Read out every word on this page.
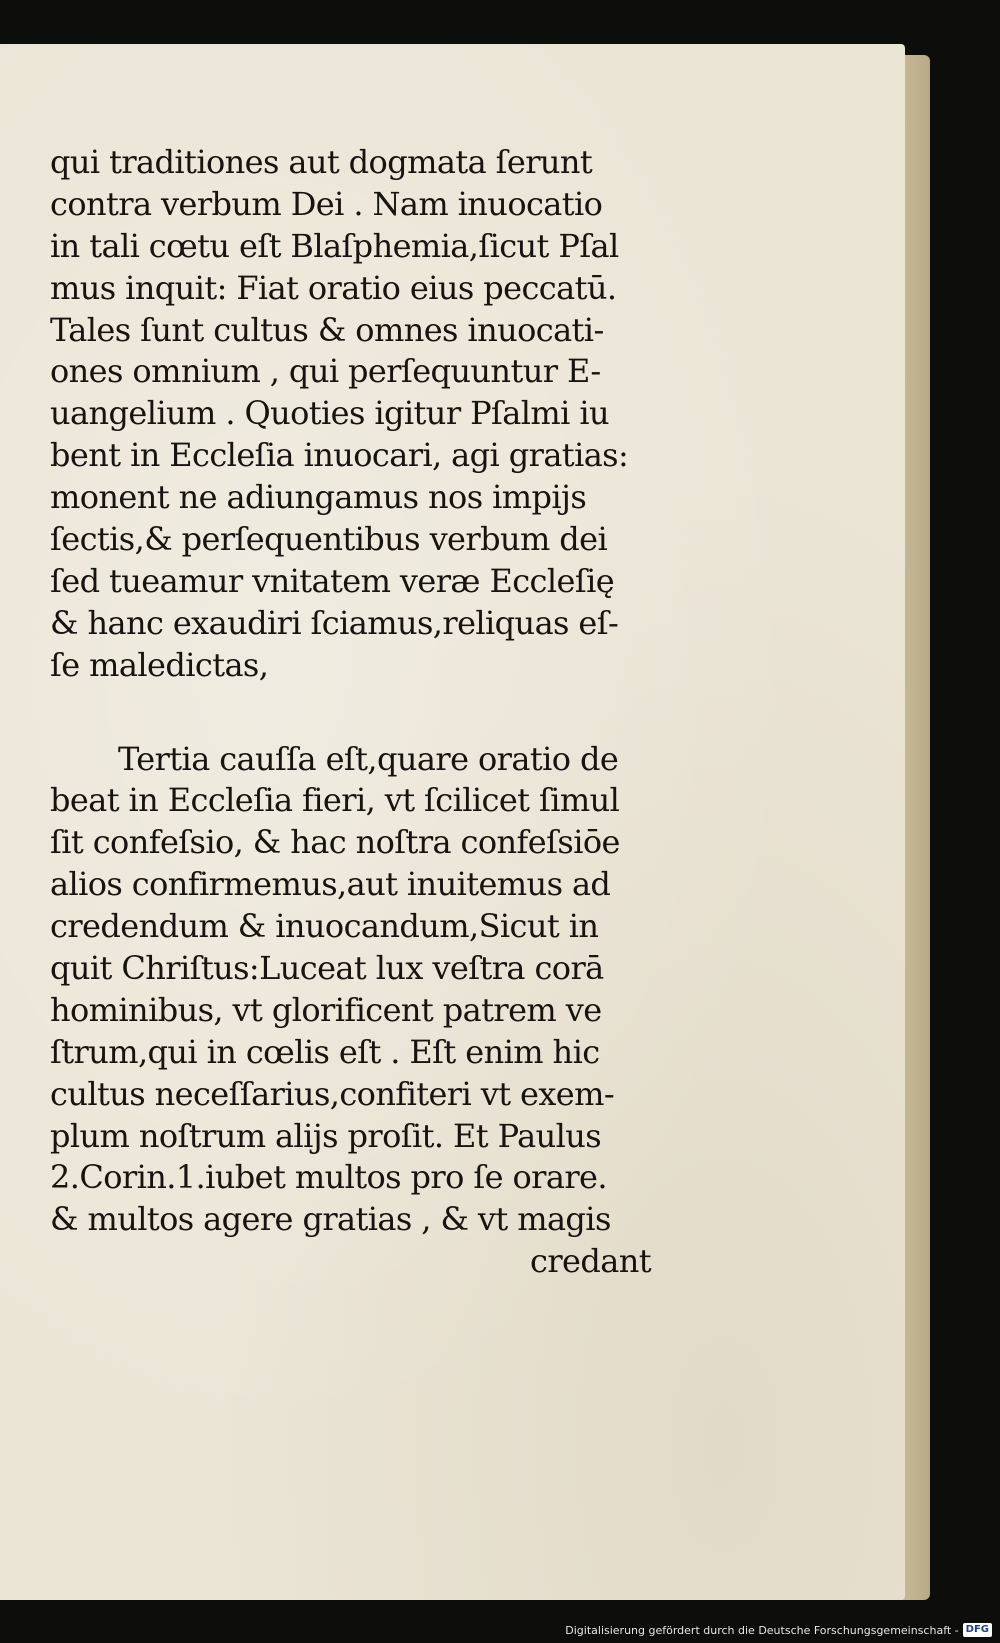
qui traditiones aut dogmata ſerunt
contra verbum Dei . Nam inuocatio
in tali cœtu eſt Blaſphemia,ſicut Pſal
mus inquit: Fiat oratio eius peccatū.
Tales ſunt cultus & omnes inuocati-
ones omnium , qui perſequuntur E-
uangelium . Quoties igitur Pſalmi iu
bent in Eccleſia inuocari, agi gratias:
monent ne adiungamus nos impijs
ſectis,& perſequentibus verbum dei
ſed tueamur vnitatem veræ Eccleſię
& hanc exaudiri ſciamus,reliquas eſ-
ſe maledictas,
Tertia cauſſa eſt,quare oratio de
beat in Eccleſia fieri, vt ſcilicet ſimul
ſit confeſsio, & hac noſtra confeſsiōe
alios confirmemus,aut inuitemus ad
credendum & inuocandum,Sicut in
quit Chriſtus:Luceat lux veſtra corā
hominibus, vt glorificent patrem ve
ſtrum,qui in cœlis eſt . Eſt enim hic
cultus neceſſarius,confiteri vt exem-
plum noſtrum alijs proſit. Et Paulus
2.Corin.1.iubet multos pro ſe orare.
& multos agere gratias , & vt magis
credant
Digitalisierung gefördert durch die Deutsche Forschungsgemeinschaft - DFG
